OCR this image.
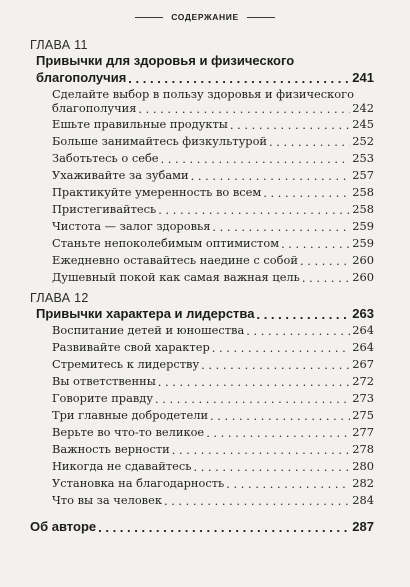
СОДЕРЖАНИЕ
ГЛАВА 11
Привычки для здоровья и физического
благополучия . . .	241
Сделайте выбор в пользу здоровья и физического
благополучия . . .	242
Ешьте правильные продукты . . .	245
Больше занимайтесь физкультурой . . .	252
Заботьтесь о себе . . .	253
Ухаживайте за зубами . . .	257
Практикуйте умеренность во всем . . .	258
Пристегивайтесь . . .	258
Чистота — залог здоровья . . .	259
Станьте непоколебимым оптимистом . . .	259
Ежедневно оставайтесь наедине с собой . . .	260
Душевный покой как самая важная цель . . .	260
ГЛАВА 12
Привычки характера и лидерства . . .	263
Воспитание детей и юношества . . .	264
Развивайте свой характер . . .	264
Стремитесь к лидерству . . .	267
Вы ответственны . . .	272
Говорите правду . . .	273
Три главные добродетели . . .	275
Верьте во что-то великое . . .	277
Важность верности . . .	278
Никогда не сдавайтесь . . .	280
Установка на благодарность . . .	282
Что вы за человек . . .	284
Об авторе . . .	287
